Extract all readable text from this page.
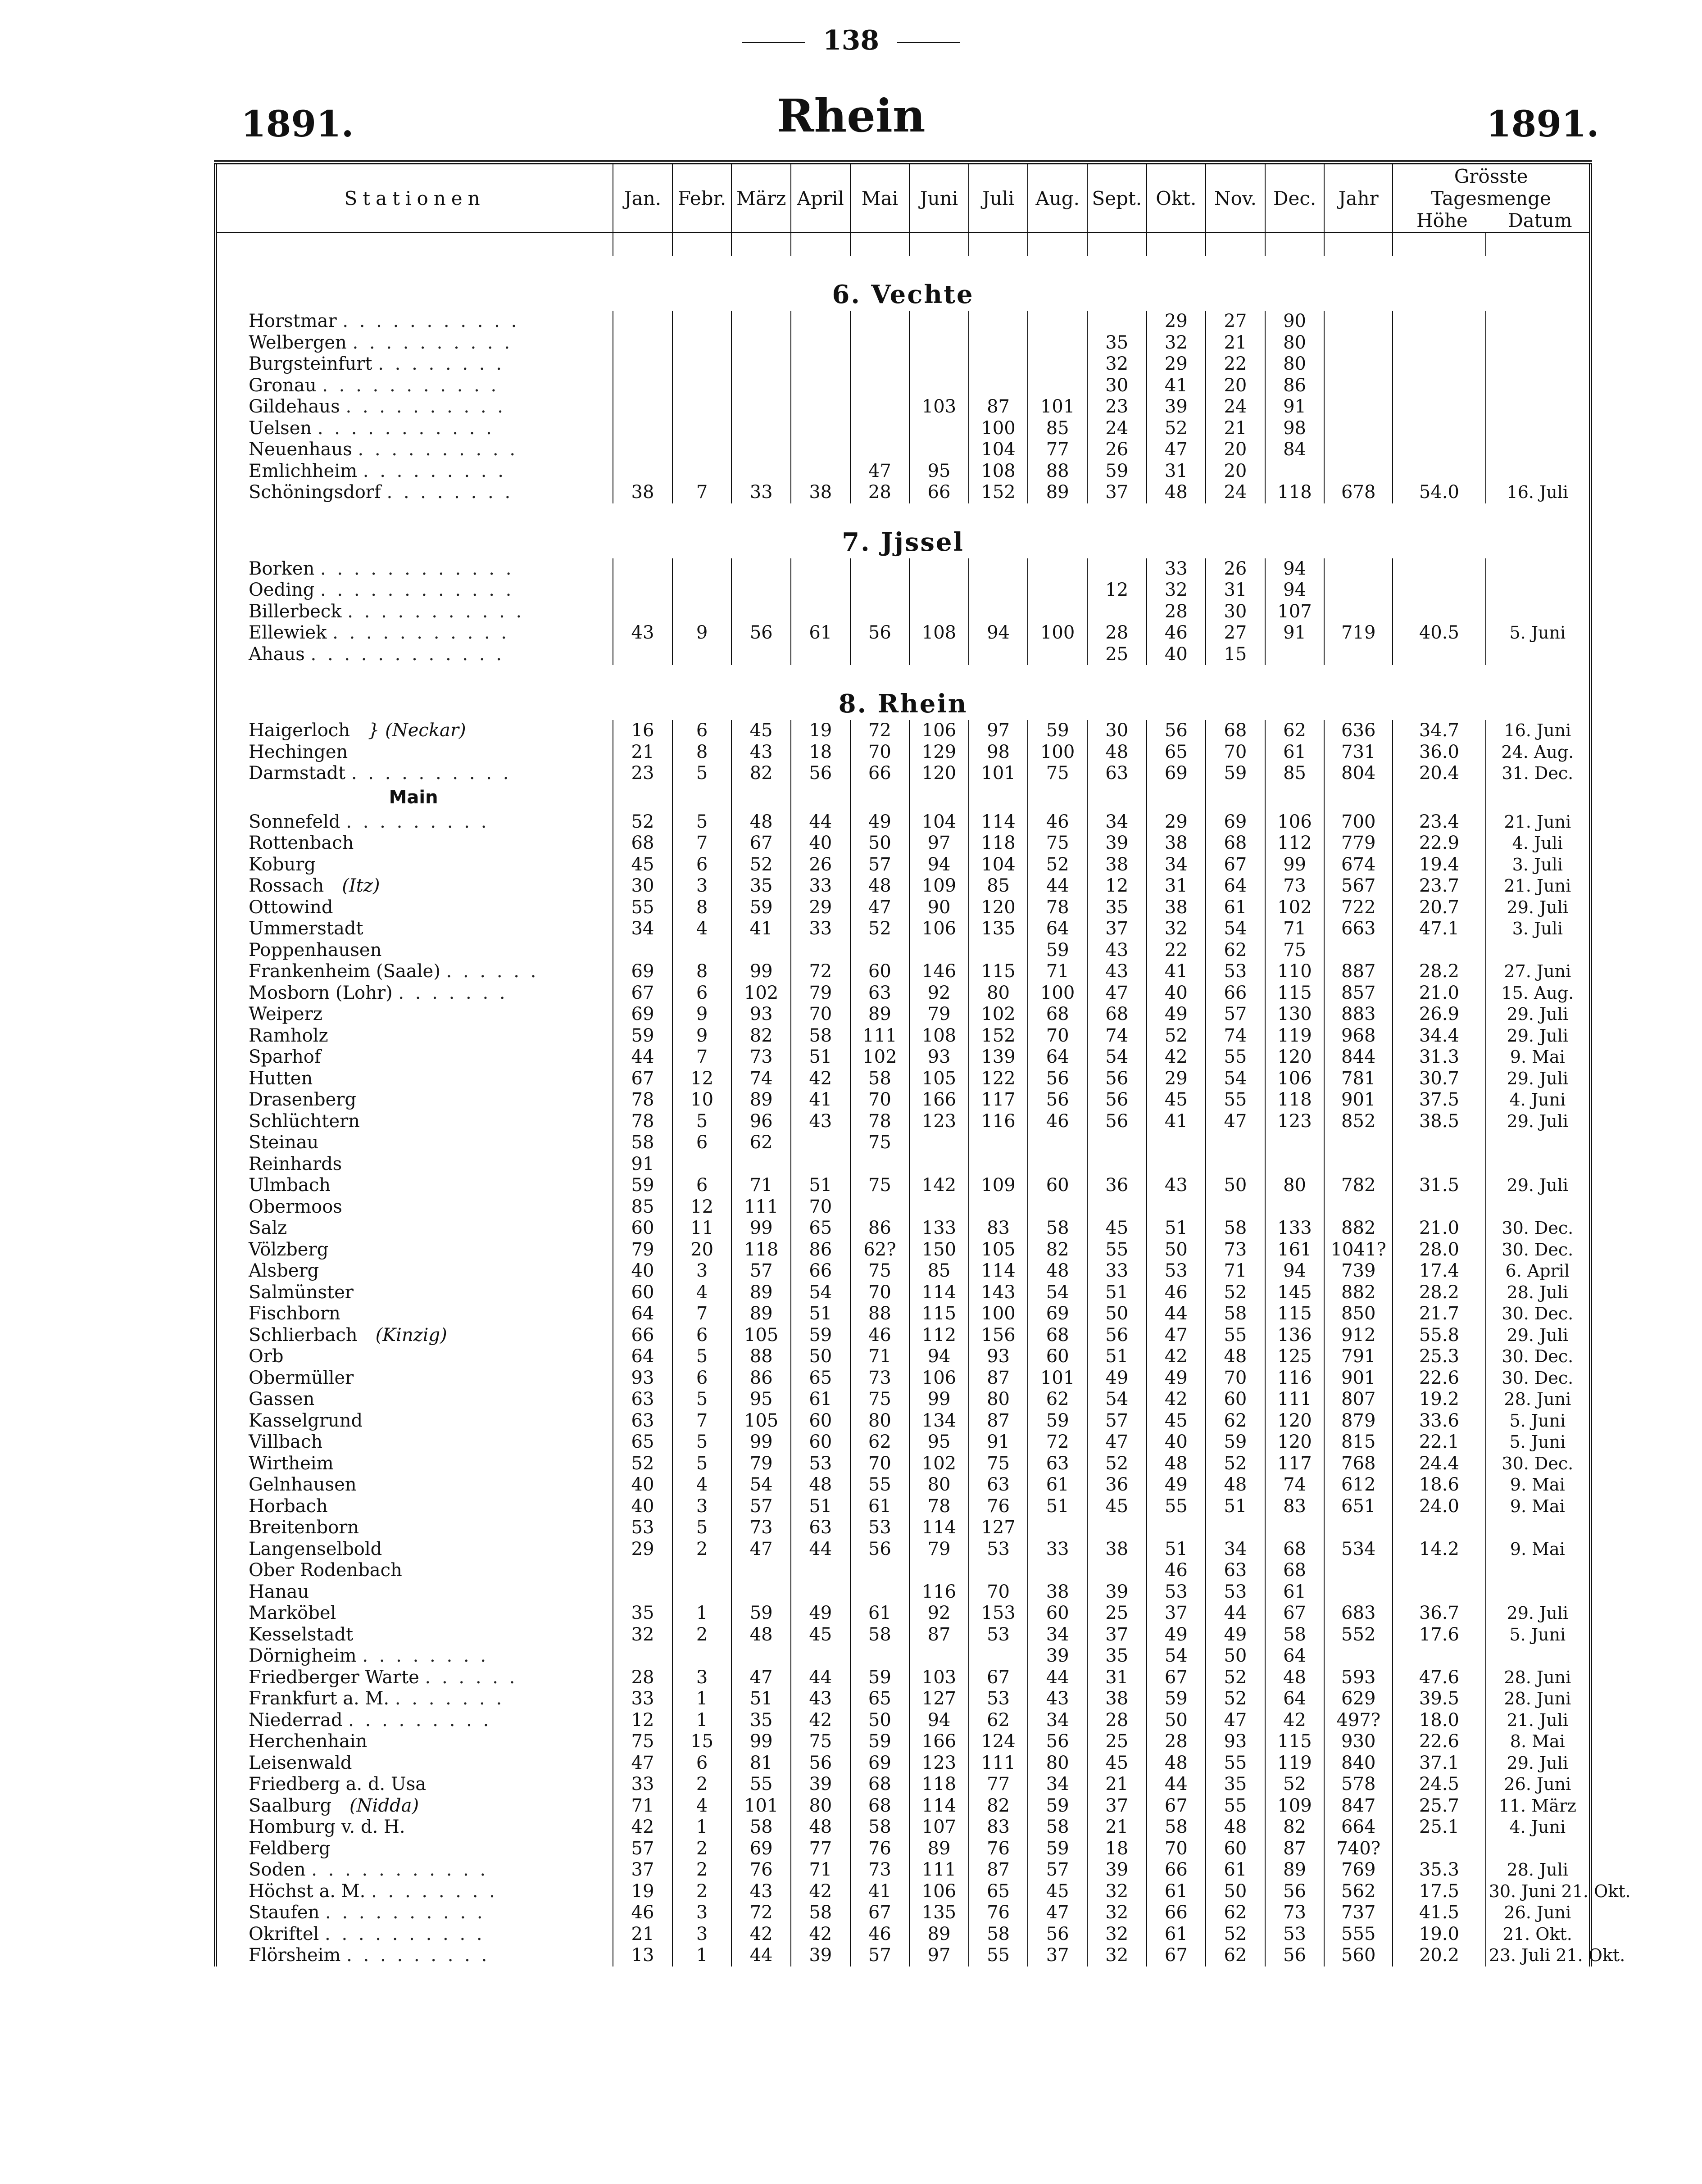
138
1891.	Rhein	1891.
Stationen	Jan.	Febr.	März	April	Mai	Juni	Juli	Aug.	Sept.	Okt.	Nov.	Dec.	Jahr	Grösste Tagesmenge
Höhe Datum	

6. Vechte															
Horstmar . . . . . . . . . . .										29	27	90			
Welbergen . . . . . . . . . .									35	32	21	80			
Burgsteinfurt . . . . . . . .									32	29	22	80			
Gronau . . . . . . . . . . .									30	41	20	86			
Gildehaus . . . . . . . . . .						103	87	101	23	39	24	91			
Uelsen . . . . . . . . . . .							100	85	24	52	21	98			
Neuenhaus . . . . . . . . . .							104	77	26	47	20	84			
Emlichheim . . . . . . . . .					47	95	108	88	59	31	20				
Schöningsdorf . . . . . . . .	38	7	33	38	28	66	152	89	37	48	24	118	678	54.0	16. Juli
7. Jjssel															
Borken . . . . . . . . . . . .										33	26	94			
Oeding . . . . . . . . . . . .									12	32	31	94			
Billerbeck . . . . . . . . . . .										28	30	107			
Ellewiek . . . . . . . . . . .	43	9	56	61	56	108	94	100	28	46	27	91	719	40.5	5. Juni
Ahaus . . . . . . . . . . . .									25	40	15				
8. Rhein															
Haigerloch } (Neckar)	16	6	45	19	72	106	97	59	30	56	68	62	636	34.7	16. Juni
Hechingen	21	8	43	18	70	129	98	100	48	65	70	61	731	36.0	24. Aug.
Darmstadt . . . . . . . . . .	23	5	82	56	66	120	101	75	63	69	59	85	804	20.4	31. Dec.
Main															
Sonnefeld . . . . . . . . .	52	5	48	44	49	104	114	46	34	29	69	106	700	23.4	21. Juni
Rottenbach	68	7	67	40	50	97	118	75	39	38	68	112	779	22.9	4. Juli
Koburg	45	6	52	26	57	94	104	52	38	34	67	99	674	19.4	3. Juli
Rossach (Itz)	30	3	35	33	48	109	85	44	12	31	64	73	567	23.7	21. Juni
Ottowind	55	8	59	29	47	90	120	78	35	38	61	102	722	20.7	29. Juli
Ummerstadt	34	4	41	33	52	106	135	64	37	32	54	71	663	47.1	3. Juli
Poppenhausen								59	43	22	62	75			
Frankenheim (Saale) . . . . . .	69	8	99	72	60	146	115	71	43	41	53	110	887	28.2	27. Juni
Mosborn (Lohr) . . . . . . .	67	6	102	79	63	92	80	100	47	40	66	115	857	21.0	15. Aug.
Weiperz	69	9	93	70	89	79	102	68	68	49	57	130	883	26.9	29. Juli
Ramholz	59	9	82	58	111	108	152	70	74	52	74	119	968	34.4	29. Juli
Sparhof	44	7	73	51	102	93	139	64	54	42	55	120	844	31.3	9. Mai
Hutten	67	12	74	42	58	105	122	56	56	29	54	106	781	30.7	29. Juli
Drasenberg	78	10	89	41	70	166	117	56	56	45	55	118	901	37.5	4. Juni
Schlüchtern	78	5	96	43	78	123	116	46	56	41	47	123	852	38.5	29. Juli
Steinau	58	6	62		75										
Reinhards	91														
Ulmbach	59	6	71	51	75	142	109	60	36	43	50	80	782	31.5	29. Juli
Obermoos	85	12	111	70											
Salz	60	11	99	65	86	133	83	58	45	51	58	133	882	21.0	30. Dec.
Völzberg	79	20	118	86	62?	150	105	82	55	50	73	161	1041?	28.0	30. Dec.
Alsberg	40	3	57	66	75	85	114	48	33	53	71	94	739	17.4	6. April
Salmünster	60	4	89	54	70	114	143	54	51	46	52	145	882	28.2	28. Juli
Fischborn	64	7	89	51	88	115	100	69	50	44	58	115	850	21.7	30. Dec.
Schlierbach (Kinzig)	66	6	105	59	46	112	156	68	56	47	55	136	912	55.8	29. Juli
Orb	64	5	88	50	71	94	93	60	51	42	48	125	791	25.3	30. Dec.
Obermüller	93	6	86	65	73	106	87	101	49	49	70	116	901	22.6	30. Dec.
Gassen	63	5	95	61	75	99	80	62	54	42	60	111	807	19.2	28. Juni
Kasselgrund	63	7	105	60	80	134	87	59	57	45	62	120	879	33.6	5. Juni
Villbach	65	5	99	60	62	95	91	72	47	40	59	120	815	22.1	5. Juni
Wirtheim	52	5	79	53	70	102	75	63	52	48	52	117	768	24.4	30. Dec.
Gelnhausen	40	4	54	48	55	80	63	61	36	49	48	74	612	18.6	9. Mai
Horbach	40	3	57	51	61	78	76	51	45	55	51	83	651	24.0	9. Mai
Breitenborn	53	5	73	63	53	114	127								
Langenselbold	29	2	47	44	56	79	53	33	38	51	34	68	534	14.2	9. Mai
Ober Rodenbach										46	63	68			
Hanau						116	70	38	39	53	53	61			
Marköbel	35	1	59	49	61	92	153	60	25	37	44	67	683	36.7	29. Juli
Kesselstadt	32	2	48	45	58	87	53	34	37	49	49	58	552	17.6	5. Juni
Dörnigheim . . . . . . . .								39	35	54	50	64			
Friedberger Warte . . . . . .	28	3	47	44	59	103	67	44	31	67	52	48	593	47.6	28. Juni
Frankfurt a. M. . . . . . . .	33	1	51	43	65	127	53	43	38	59	52	64	629	39.5	28. Juni
Niederrad . . . . . . . . .	12	1	35	42	50	94	62	34	28	50	47	42	497?	18.0	21. Juli
Herchenhain	75	15	99	75	59	166	124	56	25	28	93	115	930	22.6	8. Mai
Leisenwald	47	6	81	56	69	123	111	80	45	48	55	119	840	37.1	29. Juli
Friedberg a. d. Usa	33	2	55	39	68	118	77	34	21	44	35	52	578	24.5	26. Juni
Saalburg (Nidda)	71	4	101	80	68	114	82	59	37	67	55	109	847	25.7	11. März
Homburg v. d. H.	42	1	58	48	58	107	83	58	21	58	48	82	664	25.1	4. Juni
Feldberg	57	2	69	77	76	89	76	59	18	70	60	87	740?		
Soden . . . . . . . . . . .	37	2	76	71	73	111	87	57	39	66	61	89	769	35.3	28. Juli
Höchst a. M. . . . . . . . .	19	2	43	42	41	106	65	45	32	61	50	56	562	17.5	30. Juni 21. Okt.
Staufen . . . . . . . . . .	46	3	72	58	67	135	76	47	32	66	62	73	737	41.5	26. Juni
Okriftel . . . . . . . . . .	21	3	42	42	46	89	58	56	32	61	52	53	555	19.0	21. Okt.
Flörsheim . . . . . . . . .	13	1	44	39	57	97	55	37	32	67	62	56	560	20.2	23. Juli 21. Okt.
